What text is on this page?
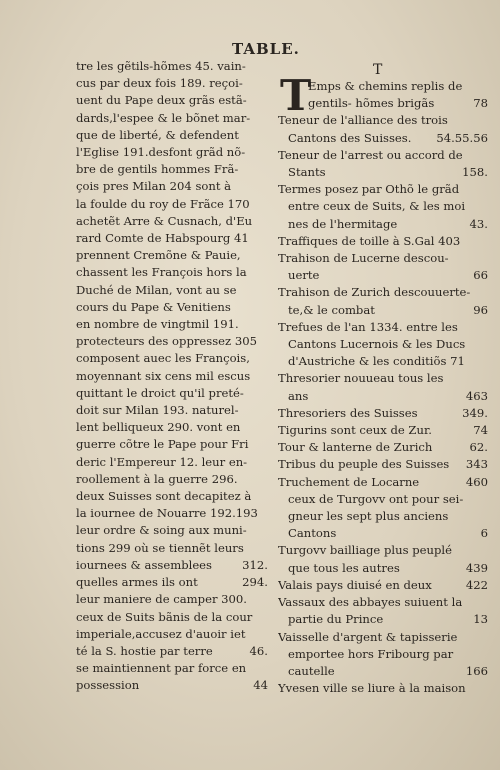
TABLE.
T
T
tre les gẽtils-hõmes 45. vain-
cus par deux fois 189. reçoi-
uent du Pape deux grãs estã-
dards,l'espee & le bõnet mar-
que de liberté, & defendent
l'Eglise 191.desfont grãd nõ-
bre de gentils hommes Frã-
çois pres Milan 204 sont à
la foulde du roy de Frãce 170
achetẽt Arre & Cusnach, d'Eu
rard Comte de Habspourg 41
prennent Cremõne & Pauie,
chassent les François hors la
Duché de Milan, vont au se
cours du Pape & Venitiens
en nombre de vingtmil 191.
protecteurs des oppressez 305
composent auec les François,
moyennant six cens mil escus
quittant le droict qu'il preté-
doit sur Milan 193. naturel-
lent belliqueux 290. vont en
guerre cõtre le Pape pour Fri
deric l'Empereur 12. leur en-
roollement à la guerre 296.
deux Suisses sont decapitez à
la iournee de Nouarre 192.193
leur ordre & soing aux muni-
tions 299 où se tiennẽt leurs
iournees & assemblees	312.
quelles armes ils ont	294.
leur maniere de camper 300.
ceux de Suits bãnis de la cour
imperiale,accusez d'auoir iet
té la S. hostie par terre	46.
se maintiennent par force en
possession	44
Emps & chemins replis de
gentils- hõmes brigãs	78
Teneur de l'alliance des trois
Cantons des Suisses.	54.55.56
Teneur de l'arrest ou accord de
Stants	158.
Termes posez par Othõ le grãd
entre ceux de Suits, & les moi
nes de l'hermitage	43.
Traffiques de toille à S.Gal 403
Trahison de Lucerne descou-
uerte	66
Trahison de Zurich descouuerte-
te,& le combat	96
Trefues de l'an 1334. entre les
Cantons Lucernois & les Ducs
d'Austriche & les conditiõs 71
Thresorier nouueau tous les
ans	463
Thresoriers des Suisses	349.
Tigurins sont ceux de Zur.	74
Tour & lanterne de Zurich	62.
Tribus du peuple des Suisses	343
Truchement de Locarne	460
ceux de Turgovv ont pour sei-
gneur les sept plus anciens
Cantons	6
Turgovv bailliage plus peuplé
que tous les autres	439
Valais pays diuisé en deux	422
Vassaux des abbayes suiuent la
partie du Prince	13
Vaisselle d'argent & tapisserie
emportee hors Fribourg par
cautelle	166
Yvesen ville se liure à la maison
